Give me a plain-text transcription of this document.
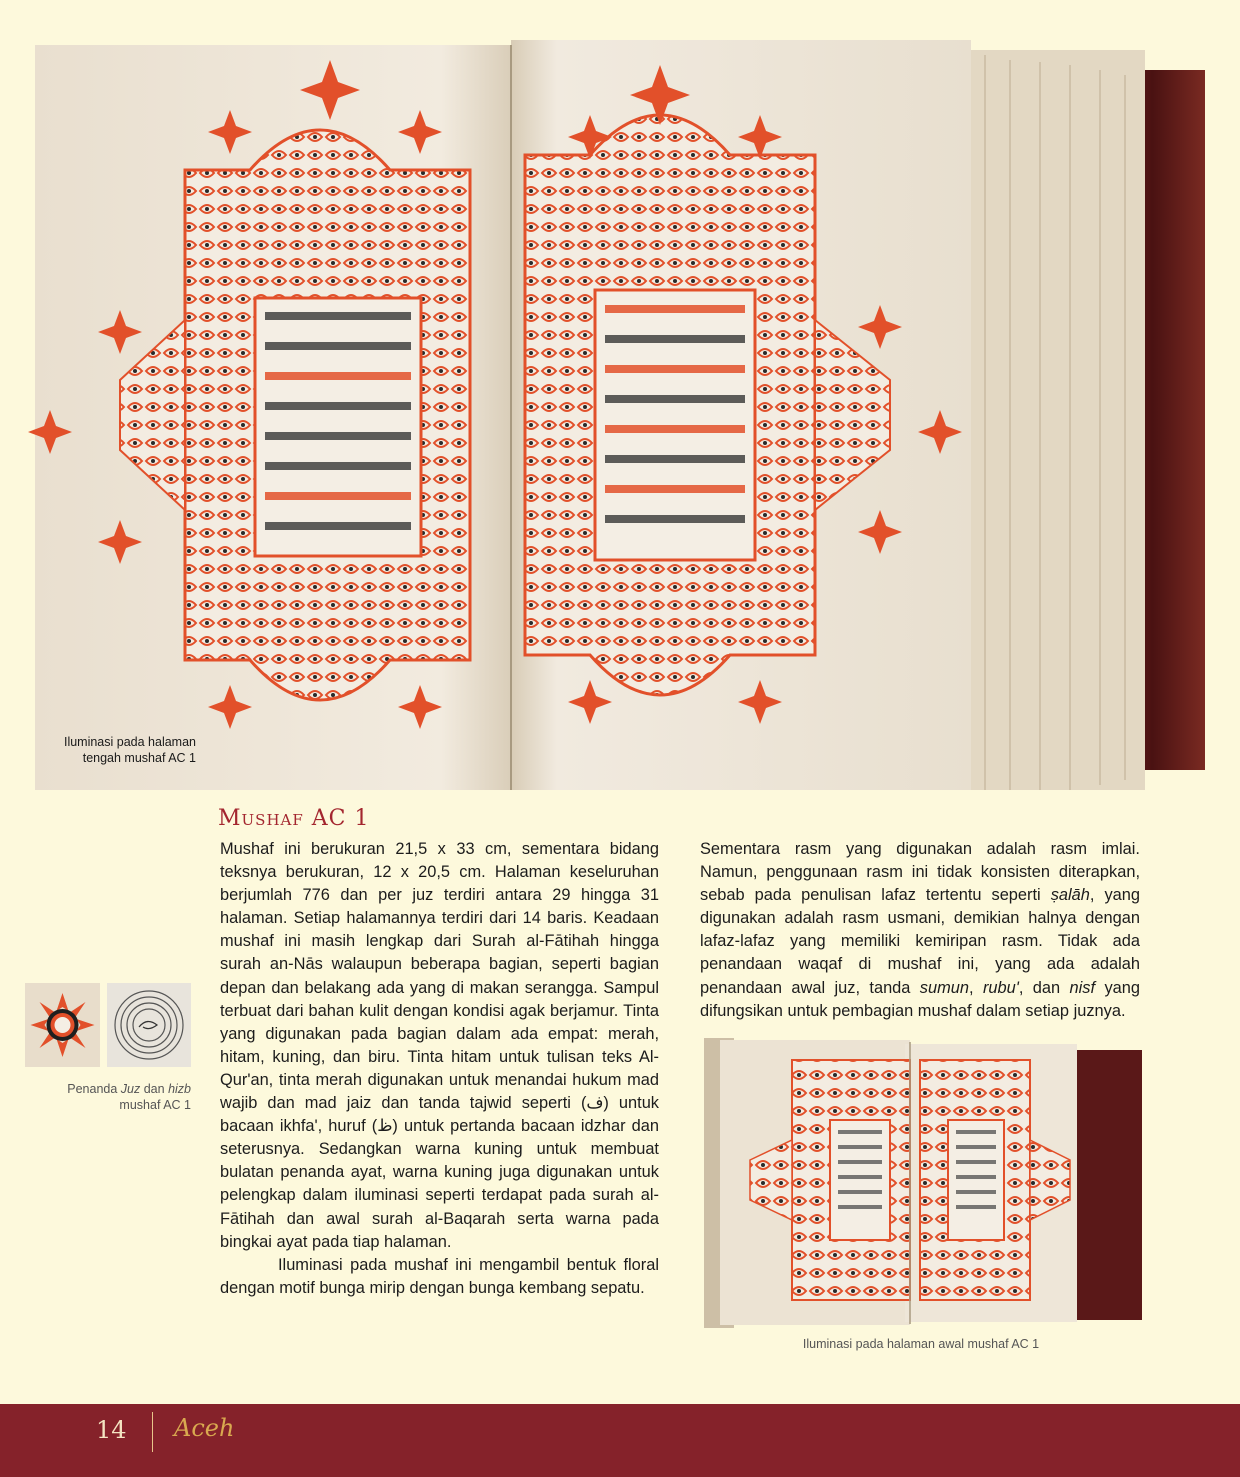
Iluminasi pada halaman
tengah mushaf AC 1
Mushaf AC 1

Mushaf ini berukuran 21,5 x 33 cm, sementara bidang teksnya berukuran, 12 x 20,5 cm. Halaman keseluruhan berjumlah 776 dan per juz terdiri antara 29 hingga 31 halaman. Setiap halamannya terdiri dari 14 baris. Keadaan mushaf ini masih lengkap dari Surah al-Fātihah hingga surah an-Nās walaupun beberapa bagian, seperti bagian depan dan belakang ada yang di makan serangga. Sampul terbuat dari bahan kulit dengan kondisi agak berjamur. Tinta yang digunakan pada bagian dalam ada empat: merah, hitam, kuning, dan biru. Tinta hitam untuk tulisan teks Al-Qur'an, tinta merah digunakan untuk menandai hukum mad wajib dan mad jaiz dan tanda tajwid seperti (ف) untuk bacaan ikhfa', huruf (ظ) untuk pertanda bacaan idzhar dan seterusnya. Sedangkan warna kuning untuk membuat bulatan penanda ayat, warna kuning juga digunakan untuk pelengkap dalam iluminasi seperti terdapat pada surah al-Fātihah dan awal surah al-Baqarah serta warna pada bingkai ayat pada tiap halaman.

Iluminasi pada mushaf ini mengambil bentuk floral dengan motif bunga mirip dengan bunga kembang sepatu.

Sementara rasm yang digunakan adalah rasm imlai. Namun, penggunaan rasm ini tidak konsisten diterapkan, sebab pada penulisan lafaz tertentu seperti ṣalāh, yang digunakan adalah rasm usmani, demikian halnya dengan lafaz-lafaz yang memiliki kemiripan rasm. Tidak ada penandaan waqaf di mushaf ini, yang ada adalah penandaan awal juz, tanda sumun, rubu', dan nisf yang difungsikan untuk pembagian mushaf dalam setiap juznya.

Penanda Juz dan hizb
mushaf AC 1
Iluminasi pada halaman awal mushaf AC 1
14 Aceh
